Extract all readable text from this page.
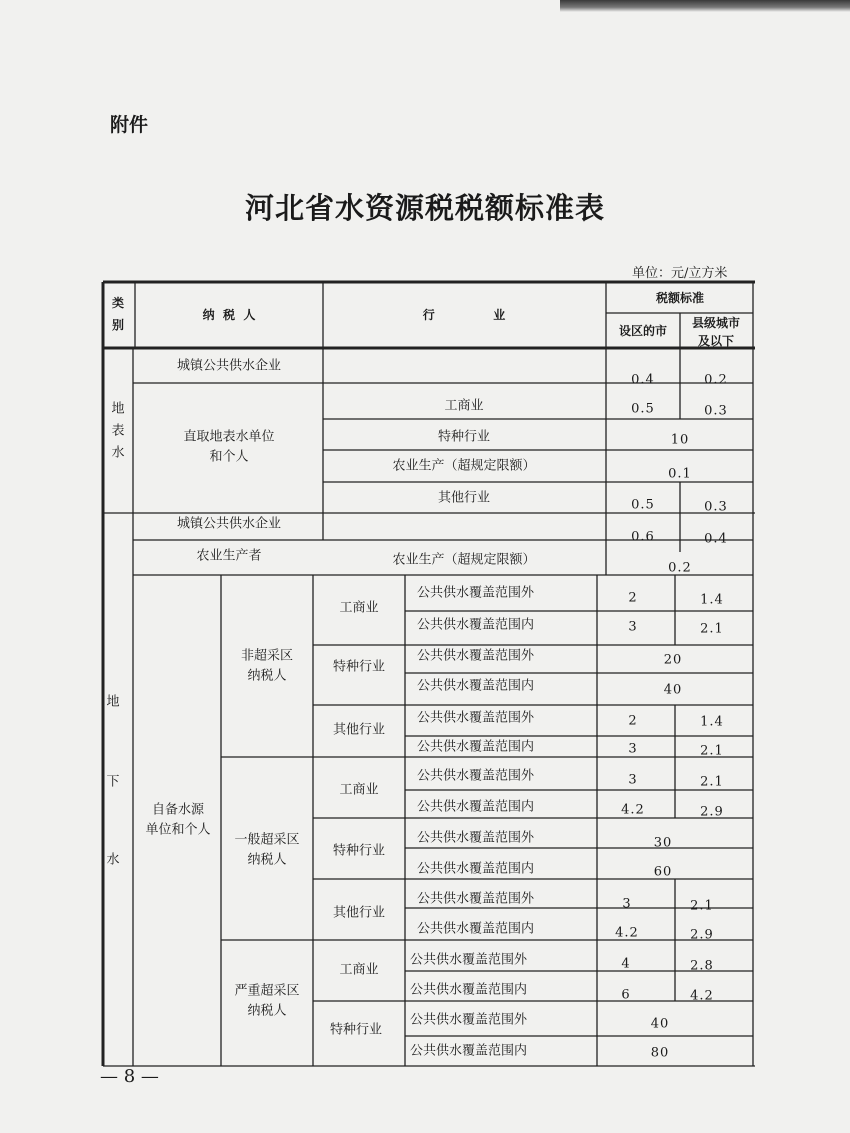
附件
河北省水资源税税额标准表
单位：元/立方米
类
别
纳  税  人	行              业
税额标准
设区的市
县级城市
及以下
地
表
水
城镇公共供水企业
0.4	0.2
直取地表水单位
和个人
工商业	0.5	0.3
特种行业	10
农业生产（超规定限额）
0.1
其他行业	0.5	0.3
地
下
水
城镇公共供水企业
0.6	0.4
农业生产者	农业生产（超规定限额）
0.2
自备水源
单位和个人
非超采区
纳税人
工商业
公共供水覆盖范围外	2	1.4
公共供水覆盖范围内	3	2.1
特种行业
公共供水覆盖范围外	20
公共供水覆盖范围内	40
其他行业
公共供水覆盖范围外	2	1.4
公共供水覆盖范围内	3	2.1
一般超采区
纳税人
工商业
公共供水覆盖范围外	3	2.1
公共供水覆盖范围内	4.2	2.9
特种行业
公共供水覆盖范围外	30
公共供水覆盖范围内	60
其他行业
公共供水覆盖范围外	3	2.1
公共供水覆盖范围内	4.2	2.9
严重超采区
纳税人
工商业
公共供水覆盖范围外	4	2.8
公共供水覆盖范围内	6	4.2
特种行业
公共供水覆盖范围外	40
公共供水覆盖范围内	80
— 8 —
